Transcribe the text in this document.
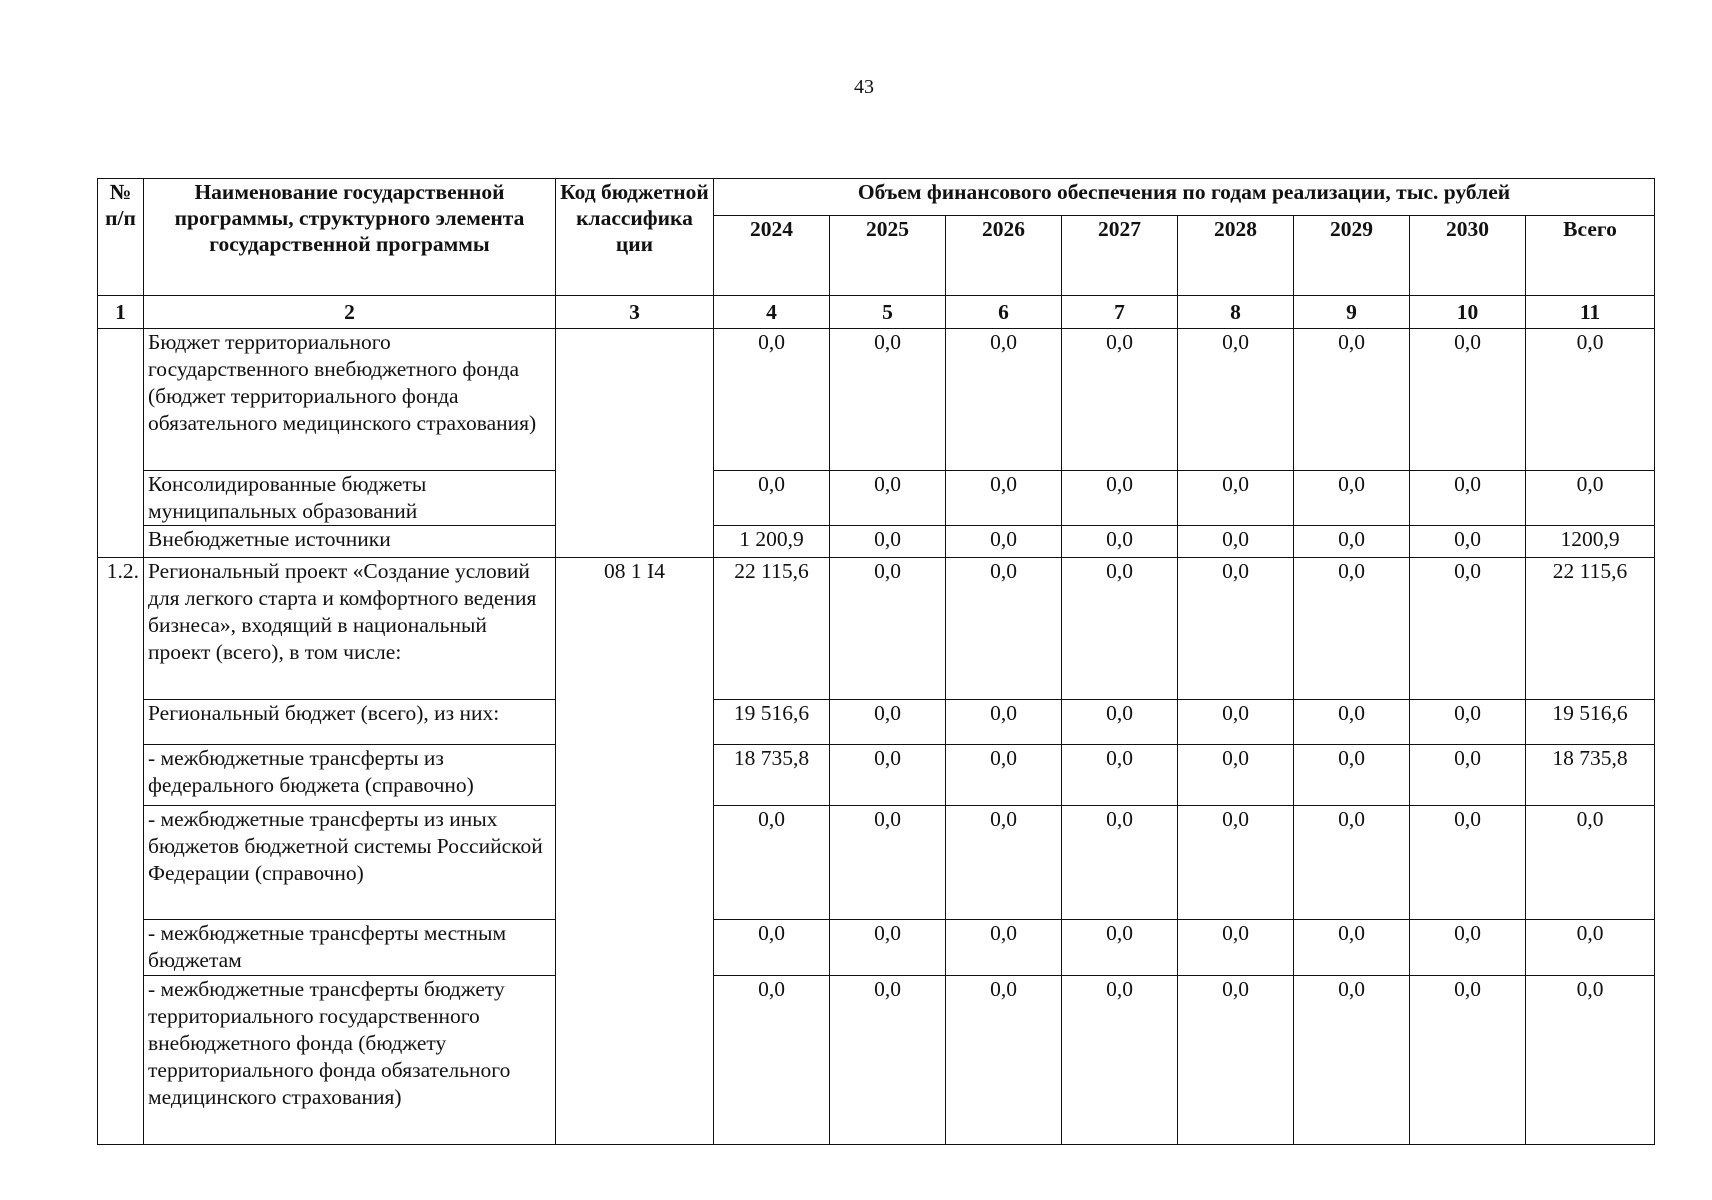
43
№ п/п	Наименование государственной программы, структурного элемента государственной программы	Код бюджетной классифика ции	Объем финансового обеспечения по годам реализации, тыс. рублей							
			2024	2025	2026	2027	2028	2029	2030	Всего
1	2	3	4	5	6	7	8	9	10	11
	Бюджет территориального государственного внебюджетного фонда (бюджет территориального фонда обязательного медицинского страхования)		0,0	0,0	0,0	0,0	0,0	0,0	0,0	0,0
	Консолидированные бюджеты муниципальных образований		0,0	0,0	0,0	0,0	0,0	0,0	0,0	0,0
	Внебюджетные источники		1 200,9	0,0	0,0	0,0	0,0	0,0	0,0	1200,9
1.2.	Региональный проект «Создание условий для легкого старта и комфортного ведения бизнеса», входящий в национальный проект (всего), в том числе:	08 1 I4	22 115,6	0,0	0,0	0,0	0,0	0,0	0,0	22 115,6
	Региональный бюджет (всего), из них:		19 516,6	0,0	0,0	0,0	0,0	0,0	0,0	19 516,6
	- межбюджетные трансферты из федерального бюджета (справочно)		18 735,8	0,0	0,0	0,0	0,0	0,0	0,0	18 735,8
	- межбюджетные трансферты из иных бюджетов бюджетной системы Российской Федерации (справочно)		0,0	0,0	0,0	0,0	0,0	0,0	0,0	0,0
	- межбюджетные трансферты местным бюджетам		0,0	0,0	0,0	0,0	0,0	0,0	0,0	0,0
	- межбюджетные трансферты бюджету территориального государственного внебюджетного фонда (бюджету территориального фонда обязательного медицинского страхования)		0,0	0,0	0,0	0,0	0,0	0,0	0,0	0,0
